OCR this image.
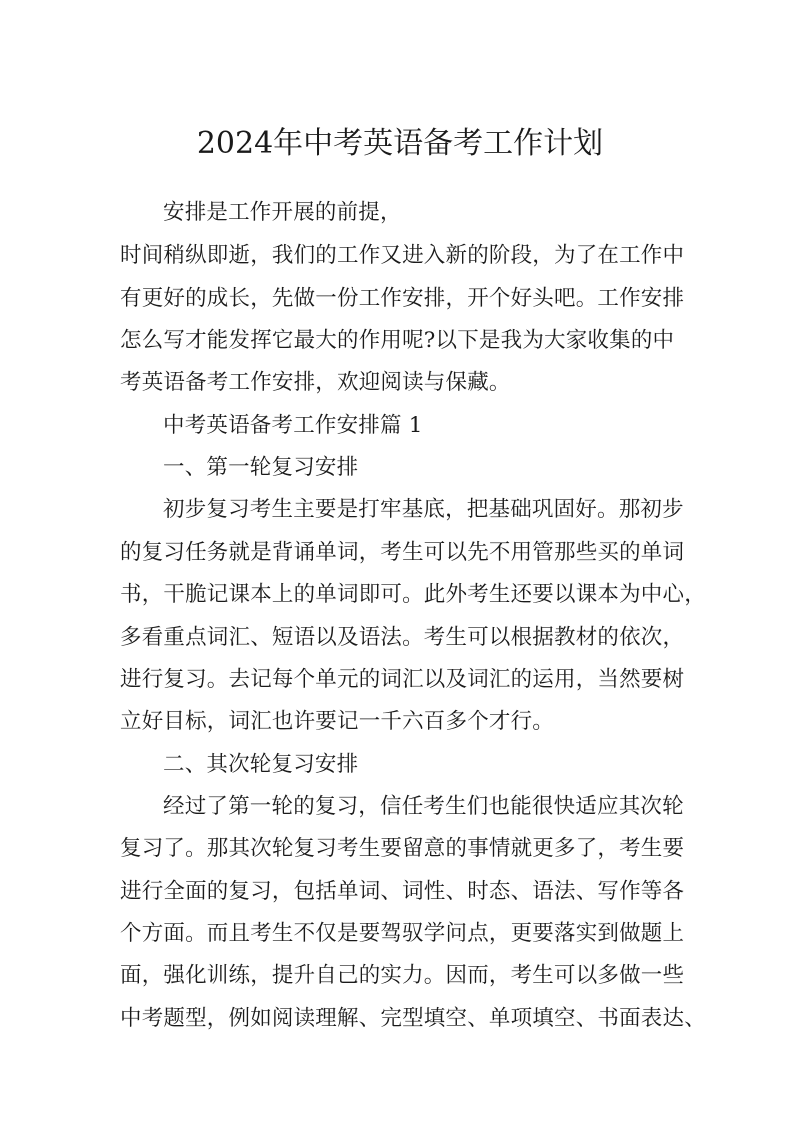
2024年中考英语备考工作计划
安排是工作开展的前提，
时间稍纵即逝，我们的工作又进入新的阶段，为了在工作中
有更好的成长，先做一份工作安排，开个好头吧。工作安排
怎么写才能发挥它最大的作用呢?以下是我为大家收集的中
考英语备考工作安排，欢迎阅读与保藏。
中考英语备考工作安排篇 1
一、第一轮复习安排
初步复习考生主要是打牢基底，把基础巩固好。那初步
的复习任务就是背诵单词，考生可以先不用管那些买的单词
书，干脆记课本上的单词即可。此外考生还要以课本为中心，
多看重点词汇、短语以及语法。考生可以根据教材的依次，
进行复习。去记每个单元的词汇以及词汇的运用，当然要树
立好目标，词汇也许要记一千六百多个才行。
二、其次轮复习安排
经过了第一轮的复习，信任考生们也能很快适应其次轮
复习了。那其次轮复习考生要留意的事情就更多了，考生要
进行全面的复习，包括单词、词性、时态、语法、写作等各
个方面。而且考生不仅是要驾驭学问点，更要落实到做题上
面，强化训练，提升自己的实力。因而，考生可以多做一些
中考题型，例如阅读理解、完型填空、单项填空、书面表达、
